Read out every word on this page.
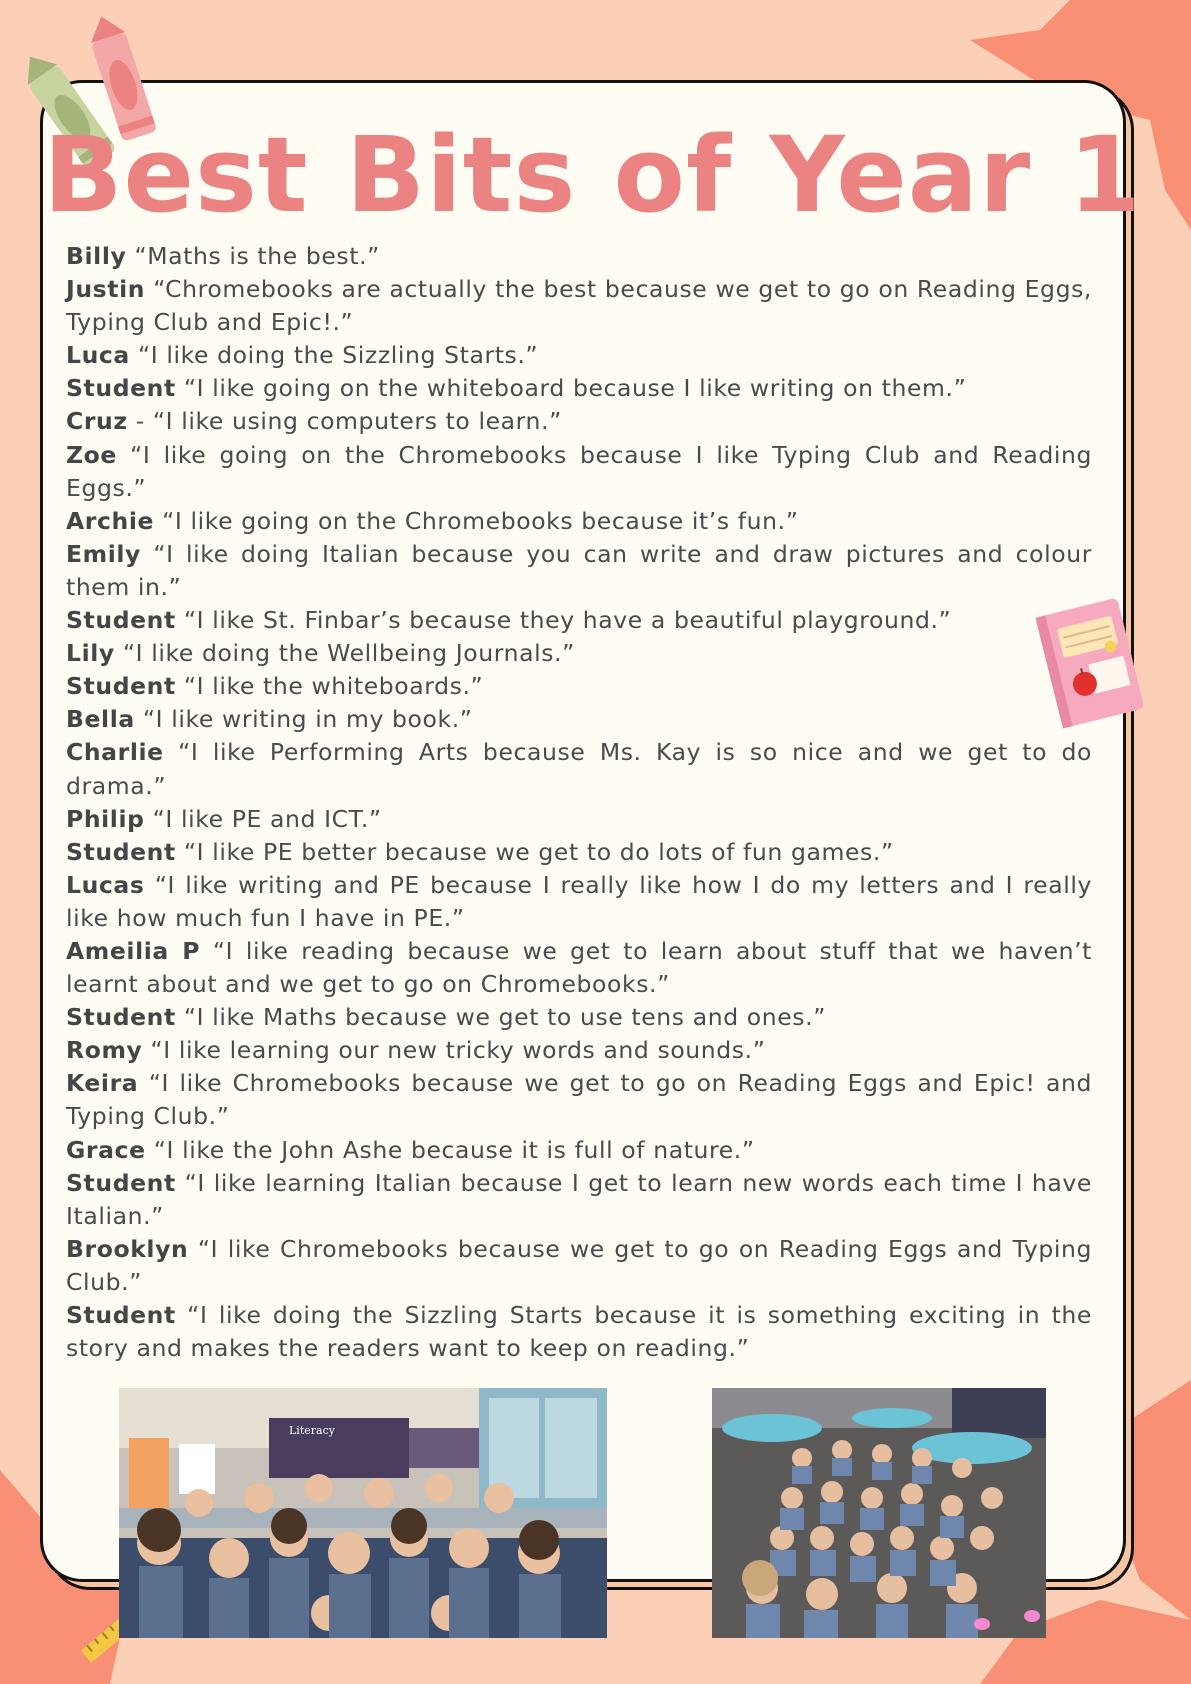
Best Bits of Year 1

Billy “Maths is the best.”

Justin “Chromebooks are actually the best because we get to go on Reading Eggs, Typing Club and Epic!.”

Luca “I like doing the Sizzling Starts.”

Student “I like going on the whiteboard because I like writing on them.”

Cruz - “I like using computers to learn.”

Zoe “I like going on the Chromebooks because I like Typing Club and Reading Eggs.”

Archie “I like going on the Chromebooks because it’s fun.”

Emily “I like doing Italian because you can write and draw pictures and colour them in.”

Student “I like St. Finbar’s because they have a beautiful playground.”

Lily “I like doing the Wellbeing Journals.”

Student “I like the whiteboards.”

Bella “I like writing in my book.”

Charlie “I like Performing Arts because Ms. Kay is so nice and we get to do drama.”

Philip “I like PE and ICT.”

Student “I like PE better because we get to do lots of fun games.”

Lucas “I like writing and PE because I really like how I do my letters and I really like how much fun I have in PE.”

Ameilia P “I like reading because we get to learn about stuff that we haven’t learnt about and we get to go on Chromebooks.”

Student “I like Maths because we get to use tens and ones.”

Romy “I like learning our new tricky words and sounds.”

Keira “I like Chromebooks because we get to go on Reading Eggs and Epic! and Typing Club.”

Grace “I like the John Ashe because it is full of nature.”

Student “I like learning Italian because I get to learn new words each time I have Italian.”

Brooklyn “I like Chromebooks because we get to go on Reading Eggs and Typing Club.”

Student “I like doing the Sizzling Starts because it is something exciting in the story and makes the readers want to keep on reading.”

Literacy
